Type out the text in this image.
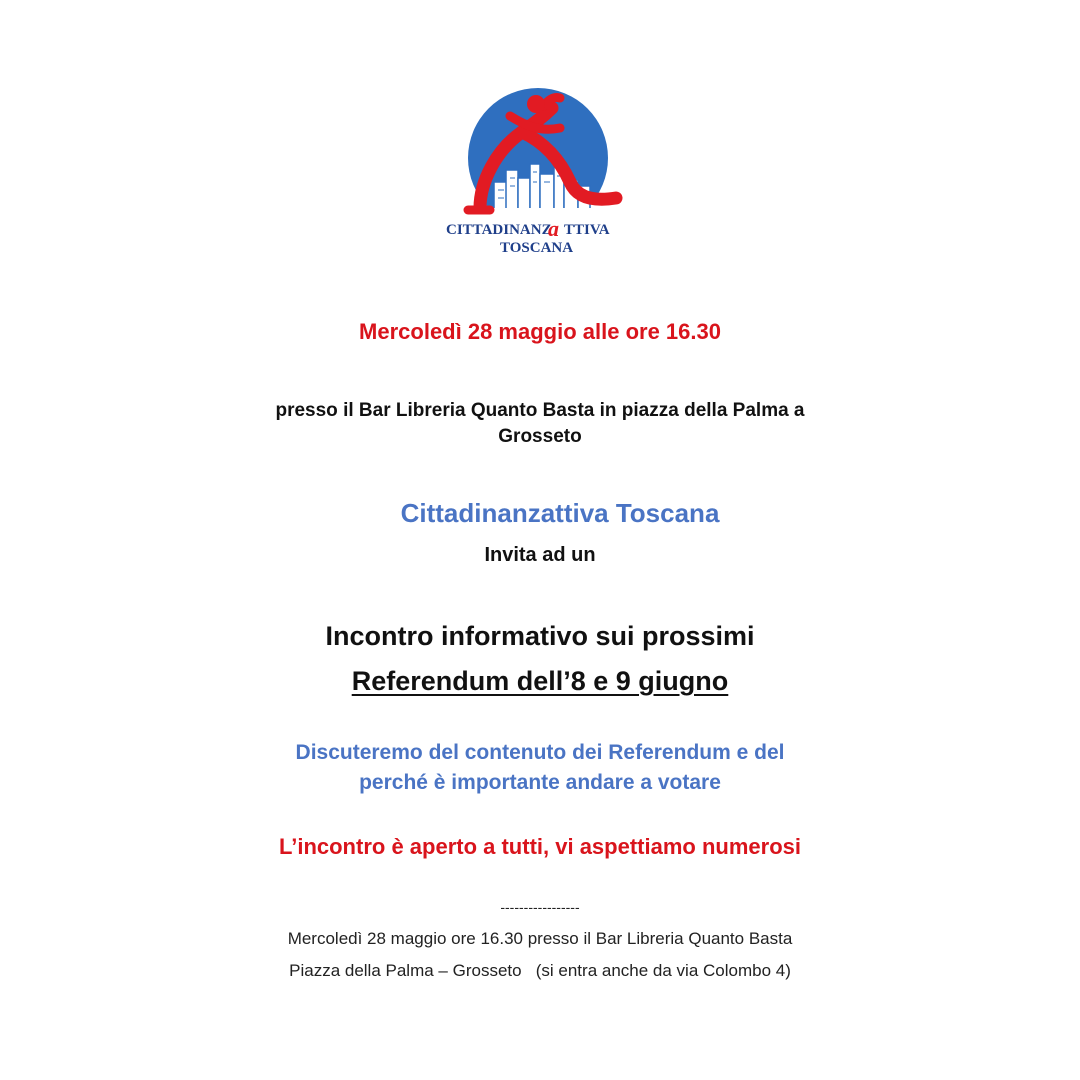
CITTADINANZ
a TTIVA
TOSCANA
Mercoledì 28 maggio alle ore 16.30
presso il Bar Libreria Quanto Basta in piazza della Palma a
Grosseto
Cittadinanzattiva Toscana
Invita ad un
Incontro informativo sui prossimi
Referendum dell’8 e 9 giugno
Discuteremo del contenuto dei Referendum e del
perché è importante andare a votare
L’incontro è aperto a tutti, vi aspettiamo numerosi
-----------------
Mercoledì 28 maggio ore 16.30 presso il Bar Libreria Quanto Basta
Piazza della Palma – Grosseto   (si entra anche da via Colombo 4)
